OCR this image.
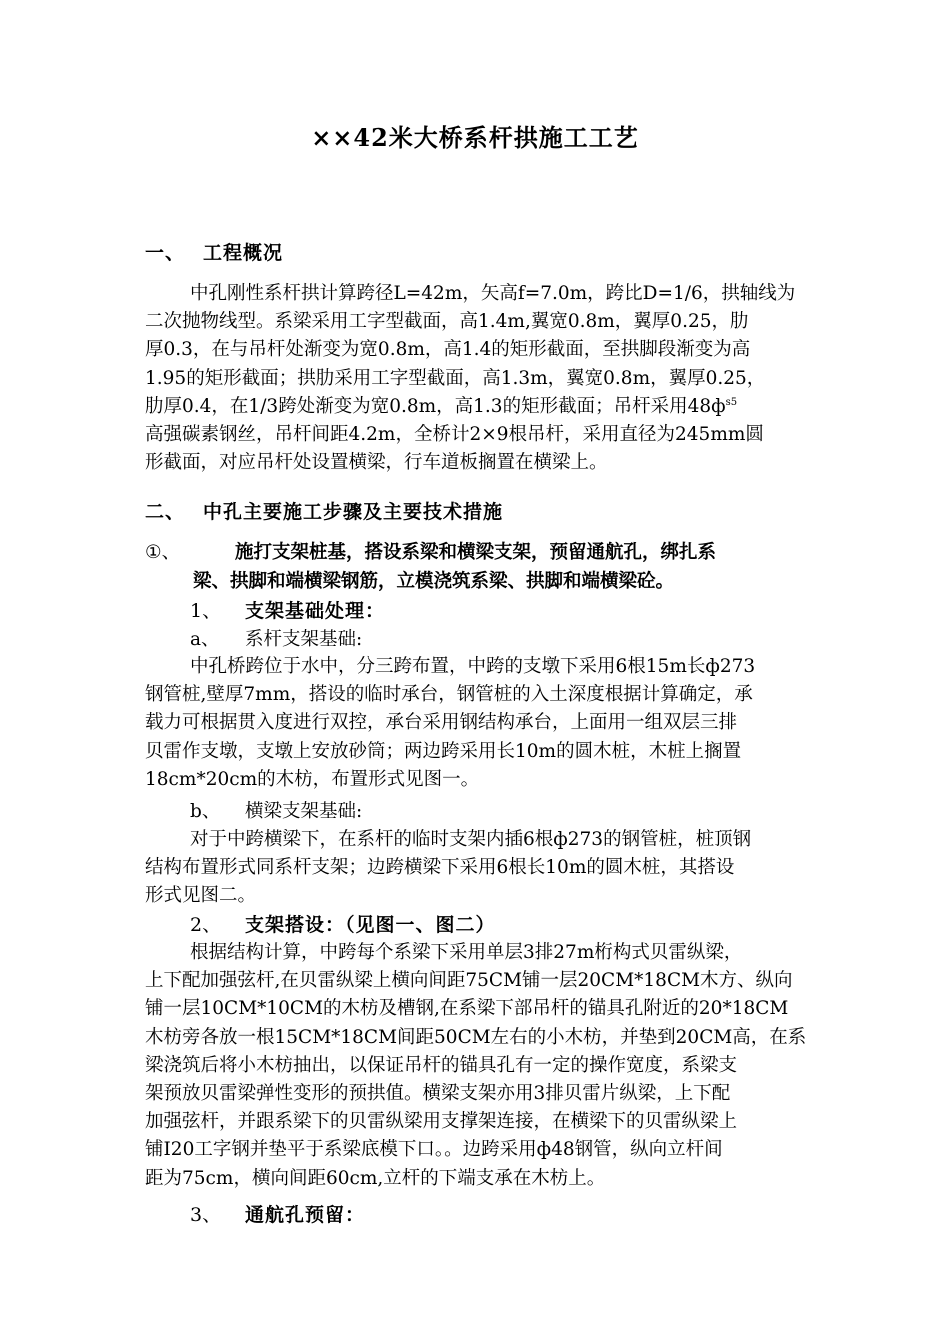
××42米大桥系杆拱施工工艺
一、 工程概况
中孔刚性系杆拱计算跨径L=42m，矢高f=7.0m，跨比D=1/6，拱轴线为
二次抛物线型。系梁采用工字型截面，高1.4m,翼宽0.8m，翼厚0.25，肋
厚0.3，在与吊杆处渐变为宽0.8m，高1.4的矩形截面，至拱脚段渐变为高
1.95的矩形截面；拱肋采用工字型截面，高1.3m，翼宽0.8m，翼厚0.25，
肋厚0.4，在1/3跨处渐变为宽0.8m，高1.3的矩形截面；吊杆采用$48ф^{s5}$
高强碳素钢丝，吊杆间距4.2m，全桥计2×9根吊杆，采用直径为245mm圆
形截面，对应吊杆处设置横梁，行车道板搁置在横梁上。
二、 中孔主要施工步骤及主要技术措施
①、	施打支架桩基，搭设系梁和横梁支架，预留通航孔，绑扎系
梁、拱脚和端横梁钢筋，立模浇筑系梁、拱脚和端横梁砼。
1、 支架基础处理：
a、 系杆支架基础:
中孔桥跨位于水中，分三跨布置，中跨的支墩下采用6根15m长ф273
钢管桩,壁厚7mm，搭设的临时承台，钢管桩的入土深度根据计算确定，承
载力可根据贯入度进行双控，承台采用钢结构承台，上面用一组双层三排
贝雷作支墩，支墩上安放砂筒；两边跨采用长10m的圆木桩，木桩上搁置
18cm*20cm的木枋，布置形式见图一。
b、 横梁支架基础:
对于中跨横梁下，在系杆的临时支架内插6根ф273的钢管桩，桩顶钢
结构布置形式同系杆支架；边跨横梁下采用6根长10m的圆木桩，其搭设
形式见图二。
2、 支架搭设：（见图一、图二）
根据结构计算，中跨每个系梁下采用单层3排27m桁构式贝雷纵梁，
上下配加强弦杆,在贝雷纵梁上横向间距75CM铺一层20CM*18CM木方、纵向
铺一层10CM*10CM的木枋及槽钢,在系梁下部吊杆的锚具孔附近的20*18CM
木枋旁各放一根15CM*18CM间距50CM左右的小木枋，并垫到20CM高，在系
梁浇筑后将小木枋抽出，以保证吊杆的锚具孔有一定的操作宽度，系梁支
架预放贝雷梁弹性变形的预拱值。横梁支架亦用3排贝雷片纵梁，上下配
加强弦杆，并跟系梁下的贝雷纵梁用支撑架连接，在横梁下的贝雷纵梁上
铺I20工字钢并垫平于系梁底模下口。。边跨采用ф48钢管，纵向立杆间
距为75cm，横向间距60cm,立杆的下端支承在木枋上。
3、 通航孔预留：
